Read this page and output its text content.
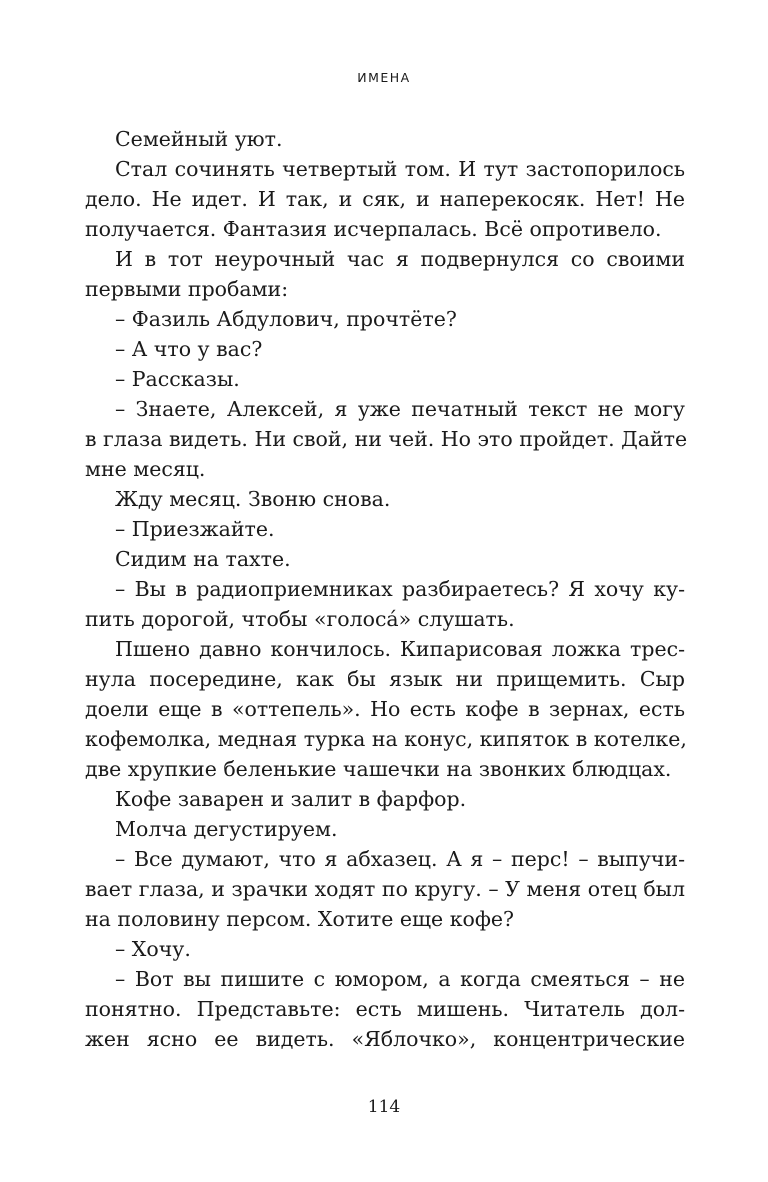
ИМЕНА
Семейный уют.
Стал сочинять четвертый том. И тут застопорилось
дело. Не идет. И так, и сяк, и наперекосяк. Нет! Не
получается. Фантазия исчерпалась. Всё опротивело.
И в тот неурочный час я подвернулся со своими
первыми пробами:
– Фазиль Абдулович, прочтёте?
– А что у вас?
– Рассказы.
– Знаете, Алексей, я уже печатный текст не могу
в глаза видеть. Ни свой, ни чей. Но это пройдет. Дайте
мне месяц.
Жду месяц. Звоню снова.
– Приезжайте.
Сидим на тахте.
– Вы в радиоприемниках разбираетесь? Я хочу ку-
пить дорогой, чтобы «голоса́» слушать.
Пшено давно кончилось. Кипарисовая ложка трес-
нула посередине, как бы язык ни прищемить. Сыр
доели еще в «оттепель». Но есть кофе в зернах, есть
кофемолка, медная турка на конус, кипяток в котелке,
две хрупкие беленькие чашечки на звонких блюдцах.
Кофе заварен и залит в фарфор.
Молча дегустируем.
– Все думают, что я абхазец. А я – перс! – выпучи-
вает глаза, и зрачки ходят по кругу. – У меня отец был
на половину персом. Хотите еще кофе?
– Хочу.
– Вот вы пишите с юмором, а когда смеяться – не
понятно. Представьте: есть мишень. Читатель дол-
жен ясно ее видеть. «Яблочко», концентрические
114
